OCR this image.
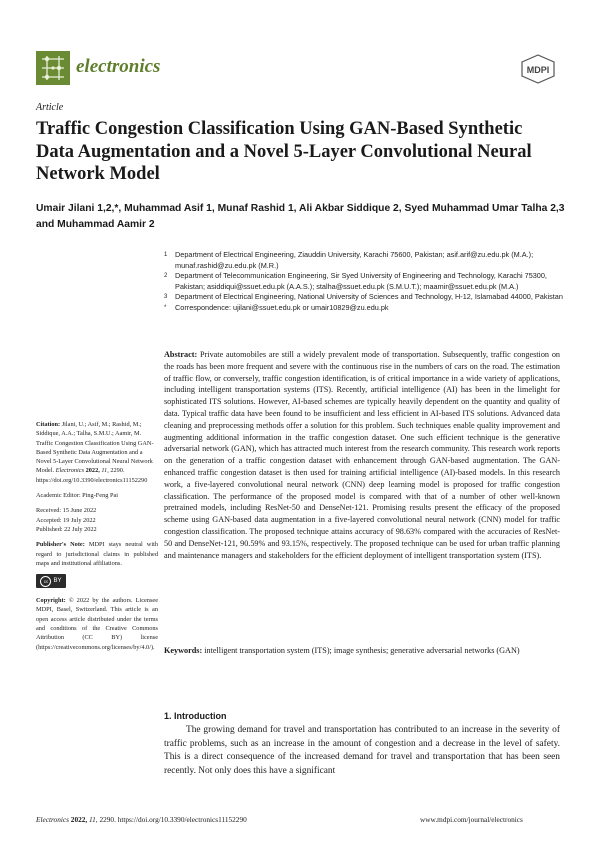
electronics	MDPI
Article
Traffic Congestion Classification Using GAN-Based Synthetic Data Augmentation and a Novel 5-Layer Convolutional Neural Network Model
Umair Jilani 1,2,*, Muhammad Asif 1, Munaf Rashid 1, Ali Akbar Siddique 2, Syed Muhammad Umar Talha 2,3 and Muhammad Aamir 2
1	Department of Electrical Engineering, Ziauddin University, Karachi 75600, Pakistan; asif.arif@zu.edu.pk (M.A.); munaf.rashid@zu.edu.pk (M.R.)
2	Department of Telecommunication Engineering, Sir Syed University of Engineering and Technology, Karachi 75300, Pakistan; asiddiqui@ssuet.edu.pk (A.A.S.); stalha@ssuet.edu.pk (S.M.U.T.); maamir@ssuet.edu.pk (M.A.)
3	Department of Electrical Engineering, National University of Sciences and Technology, H-12, Islamabad 44000, Pakistan
*	Correspondence: ujilani@ssuet.edu.pk or umair10829@zu.edu.pk

Citation: Jilani, U.; Asif, M.; Rashid, M.; Siddique, A.A.; Talha, S.M.U.; Aamir, M. Traffic Congestion Classification Using GAN-Based Synthetic Data Augmentation and a Novel 5-Layer Convolutional Neural Network Model. Electronics 2022, 11, 2290. https://doi.org/10.3390/electronics11152290

Academic Editor: Ping-Feng Pai

Received: 15 June 2022

Accepted: 19 July 2022

Published: 22 July 2022

Publisher's Note: MDPI stays neutral with regard to jurisdictional claims in published maps and institutional affiliations.

cc BY

Copyright: © 2022 by the authors. Licensee MDPI, Basel, Switzerland. This article is an open access article distributed under the terms and conditions of the Creative Commons Attribution (CC BY) license (https://creativecommons.org/licenses/by/4.0/).

Abstract: Private automobiles are still a widely prevalent mode of transportation. Subsequently, traffic congestion on the roads has been more frequent and severe with the continuous rise in the numbers of cars on the road. The estimation of traffic flow, or conversely, traffic congestion identification, is of critical importance in a wide variety of applications, including intelligent transportation systems (ITS). Recently, artificial intelligence (AI) has been in the limelight for sophisticated ITS solutions. However, AI-based schemes are typically heavily dependent on the quantity and quality of data. Typical traffic data have been found to be insufficient and less efficient in AI-based ITS solutions. Advanced data cleaning and preprocessing methods offer a solution for this problem. Such techniques enable quality improvement and augmenting additional information in the traffic congestion dataset. One such efficient technique is the generative adversarial network (GAN), which has attracted much interest from the research community. This research work reports on the generation of a traffic congestion dataset with enhancement through GAN-based augmentation. The GAN-enhanced traffic congestion dataset is then used for training artificial intelligence (AI)-based models. In this research work, a five-layered convolutional neural network (CNN) deep learning model is proposed for traffic congestion classification. The performance of the proposed model is compared with that of a number of other well-known pretrained models, including ResNet-50 and DenseNet-121. Promising results present the efficacy of the proposed scheme using GAN-based data augmentation in a five-layered convolutional neural network (CNN) model for traffic congestion classification. The proposed technique attains accuracy of 98.63% compared with the accuracies of ResNet-50 and DenseNet-121, 90.59% and 93.15%, respectively. The proposed technique can be used for urban traffic planning and maintenance managers and stakeholders for the efficient deployment of intelligent transportation system (ITS).

Keywords: intelligent transportation system (ITS); image synthesis; generative adversarial networks (GAN)

1. Introduction

The growing demand for travel and transportation has contributed to an increase in the severity of traffic problems, such as an increase in the amount of congestion and a decrease in the level of safety. This is a direct consequence of the increased demand for travel and transportation that has been seen recently. Not only does this have a significant

Electronics 2022, 11, 2290. https://doi.org/10.3390/electronics11152290	www.mdpi.com/journal/electronics
